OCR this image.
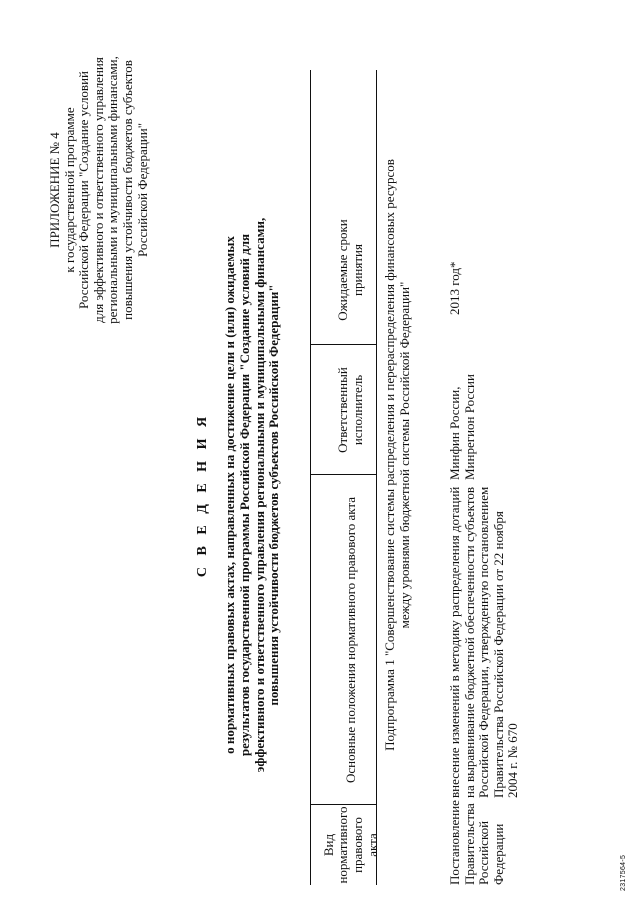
ПРИЛОЖЕНИЕ № 4 к государственной программе Российской Федерации "Создание условий для эффективного и ответственного управления региональными и муниципальными финансами, повышения устойчивости бюджетов субъектов Российской Федерации"
С В Е Д Е Н И Я о нормативных правовых актах, направленных на достижение цели и (или) ожидаемых результатов государственной программы Российской Федерации "Создание условий для эффективного и ответственного управления региональными и муниципальными финансами, повышения устойчивости бюджетов субъектов Российской Федерации"
Вид нормативного правового акта
Основные положения нормативного правового акта
Ответственный исполнитель
Ожидаемые сроки принятия Подпрограмма 1 "Совершенствование системы распределения и перераспределения финансовых ресурсов между уровнями бюджетной системы Российской Федерации"
Постановление Правительства Российской Федерации
внесение изменений в методику распределения дотаций на выравнивание бюджетной обеспеченности субъектов Российской Федерации, утвержденную постановлением Правительства Российской Федерации от 22 ноября 2004 г. № 670
Минфин России, Минрегион России
2013 год*
2317564-5
